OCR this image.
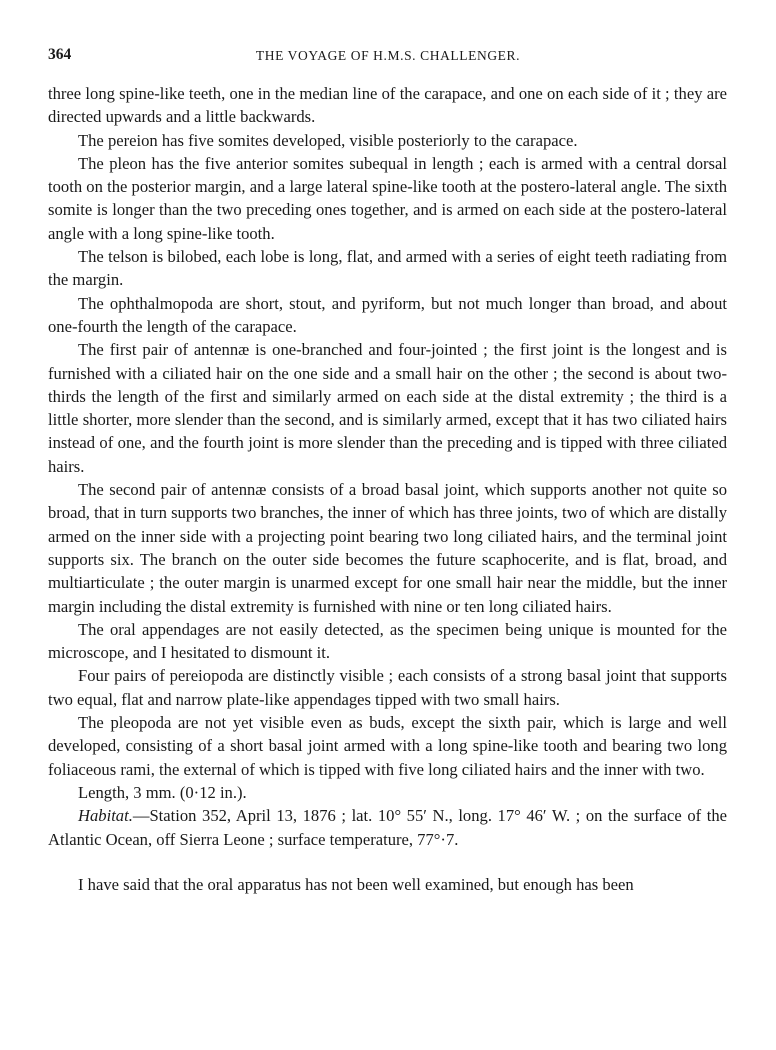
364	THE VOYAGE OF H.M.S. CHALLENGER.

three long spine-like teeth, one in the median line of the carapace, and one on each side of it ; they are directed upwards and a little backwards.

The pereion has five somites developed, visible posteriorly to the carapace.

The pleon has the five anterior somites subequal in length ; each is armed with a central dorsal tooth on the posterior margin, and a large lateral spine-like tooth at the postero-lateral angle. The sixth somite is longer than the two preceding ones together, and is armed on each side at the postero-lateral angle with a long spine-like tooth.

The telson is bilobed, each lobe is long, flat, and armed with a series of eight teeth radiating from the margin.

The ophthalmopoda are short, stout, and pyriform, but not much longer than broad, and about one-fourth the length of the carapace.

The first pair of antennæ is one-branched and four-jointed ; the first joint is the longest and is furnished with a ciliated hair on the one side and a small hair on the other ; the second is about two-thirds the length of the first and similarly armed on each side at the distal extremity ; the third is a little shorter, more slender than the second, and is similarly armed, except that it has two ciliated hairs instead of one, and the fourth joint is more slender than the preceding and is tipped with three ciliated hairs.

The second pair of antennæ consists of a broad basal joint, which supports another not quite so broad, that in turn supports two branches, the inner of which has three joints, two of which are distally armed on the inner side with a projecting point bearing two long ciliated hairs, and the terminal joint supports six. The branch on the outer side becomes the future scaphocerite, and is flat, broad, and multiarticulate ; the outer margin is unarmed except for one small hair near the middle, but the inner margin including the distal extremity is furnished with nine or ten long ciliated hairs.

The oral appendages are not easily detected, as the specimen being unique is mounted for the microscope, and I hesitated to dismount it.

Four pairs of pereiopoda are distinctly visible ; each consists of a strong basal joint that supports two equal, flat and narrow plate-like appendages tipped with two small hairs.

The pleopoda are not yet visible even as buds, except the sixth pair, which is large and well developed, consisting of a short basal joint armed with a long spine-like tooth and bearing two long foliaceous rami, the external of which is tipped with five long ciliated hairs and the inner with two.

Length, 3 mm. (0·12 in.).

Habitat.—Station 352, April 13, 1876 ; lat. 10° 55′ N., long. 17° 46′ W. ; on the surface of the Atlantic Ocean, off Sierra Leone ; surface temperature, 77°·7.

I have said that the oral apparatus has not been well examined, but enough has been
